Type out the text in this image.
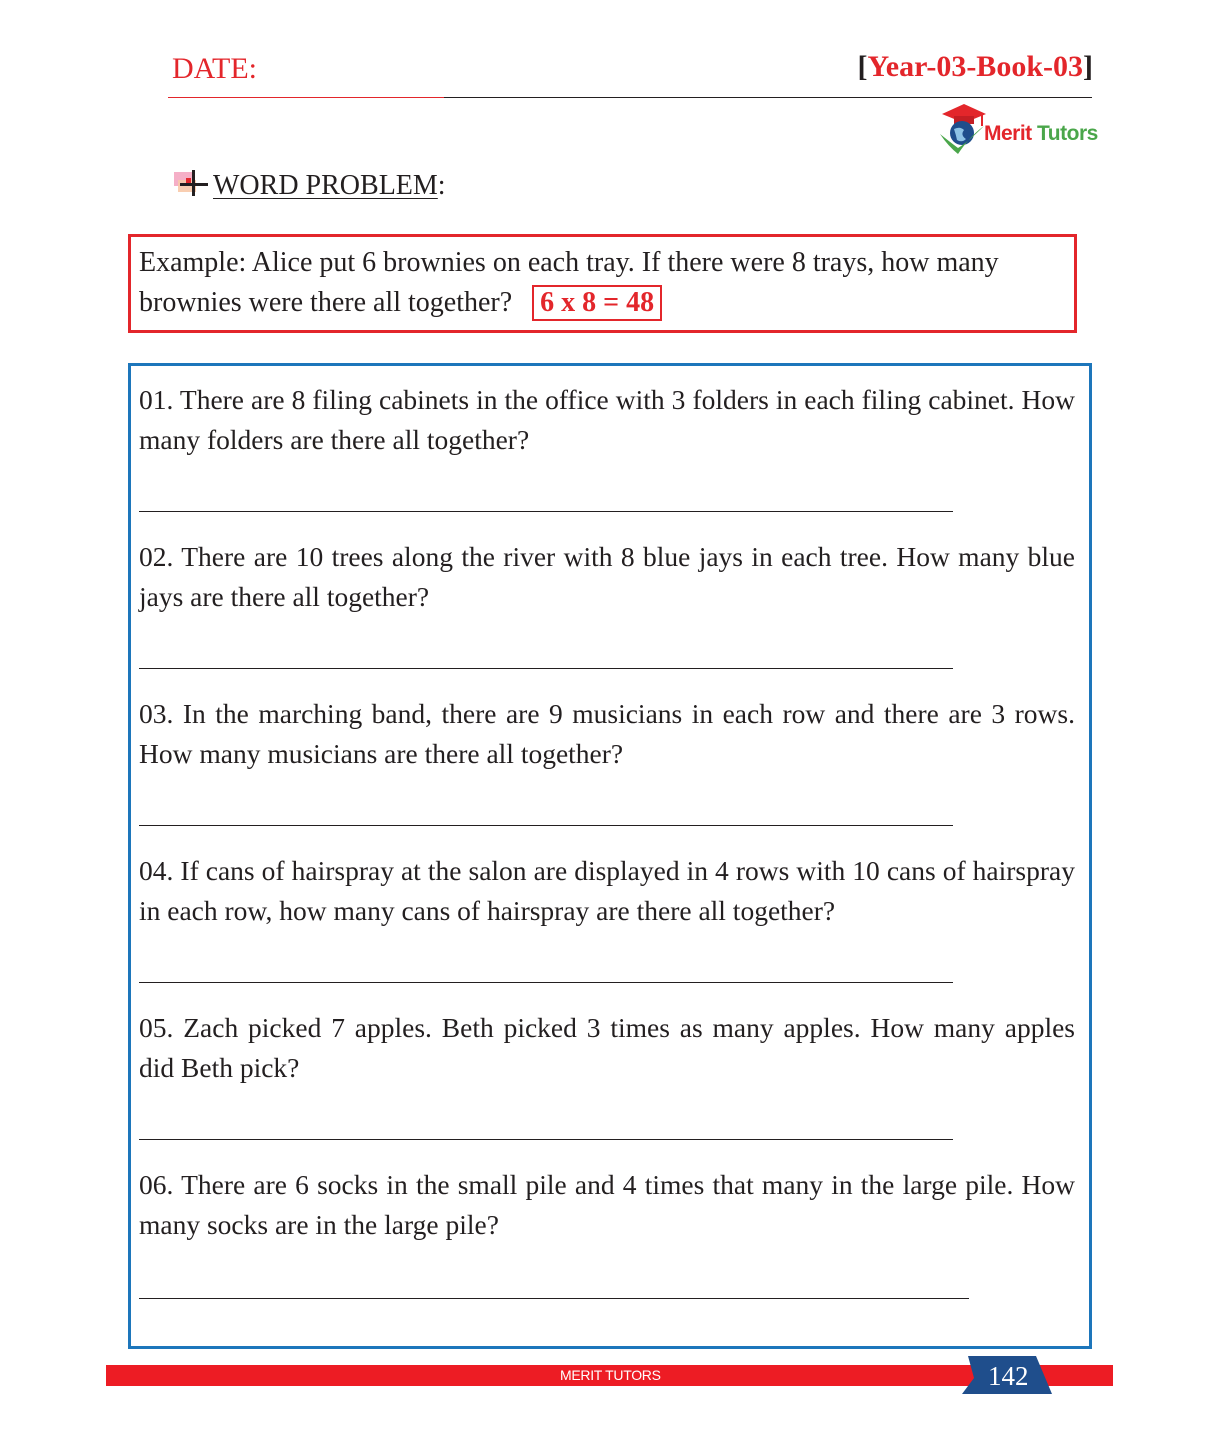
DATE:	[Year-03-Book-03]
Merit Tutors
WORD PROBLEM:

Example: Alice put 6 brownies on each tray. If there were 8 trays, how many brownies were there all together? 6 x 8 = 48

01. There are 8 filing cabinets in the office with 3 folders in each filing cabinet. How many folders are there all together?

02. There are 10 trees along the river with 8 blue jays in each tree. How many blue jays are there all together?

03. In the marching band, there are 9 musicians in each row and there are 3 rows. How many musicians are there all together?

04. If cans of hairspray at the salon are displayed in 4 rows with 10 cans of hairspray in each row, how many cans of hairspray are there all together?

05. Zach picked 7 apples. Beth picked 3 times as many apples. How many apples did Beth pick?

06. There are 6 socks in the small pile and 4 times that many in the large pile. How many socks are in the large pile?

MERIT TUTORS	142
